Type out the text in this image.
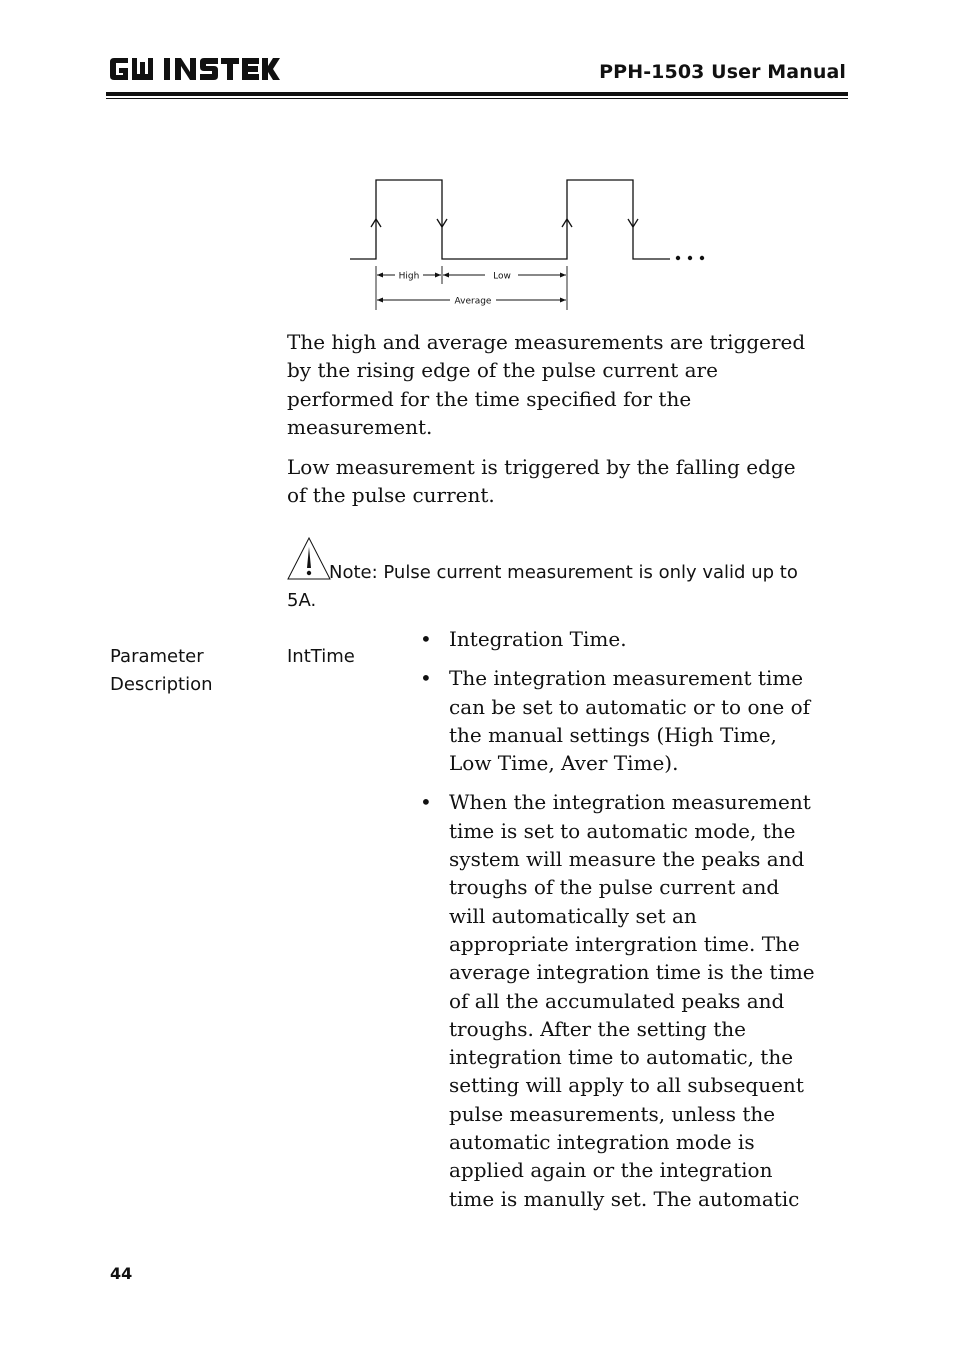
GW INSTEK
PPH-1503 User Manual
High	Low
Average

The high and average measurements are triggered by the rising edge of the pulse current are performed for the time specified for the measurement.

Low measurement is triggered by the falling edge of the pulse current.

Note: Pulse current measurement is only valid up to 5A.

Parameter Description

IntTime

• Integration Time.
• The integration measurement time can be set to automatic or to one of the manual settings (High Time, Low Time, Aver Time).
• When the integration measurement time is set to automatic mode, the system will measure the peaks and troughs of the pulse current and will automatically set an appropriate intergration time. The average integration time is the time of all the accumulated peaks and troughs. After the setting the integration time to automatic, the setting will apply to all subsequent pulse measurements, unless the automatic integration mode is applied again or the integration time is manully set. The automatic
44
